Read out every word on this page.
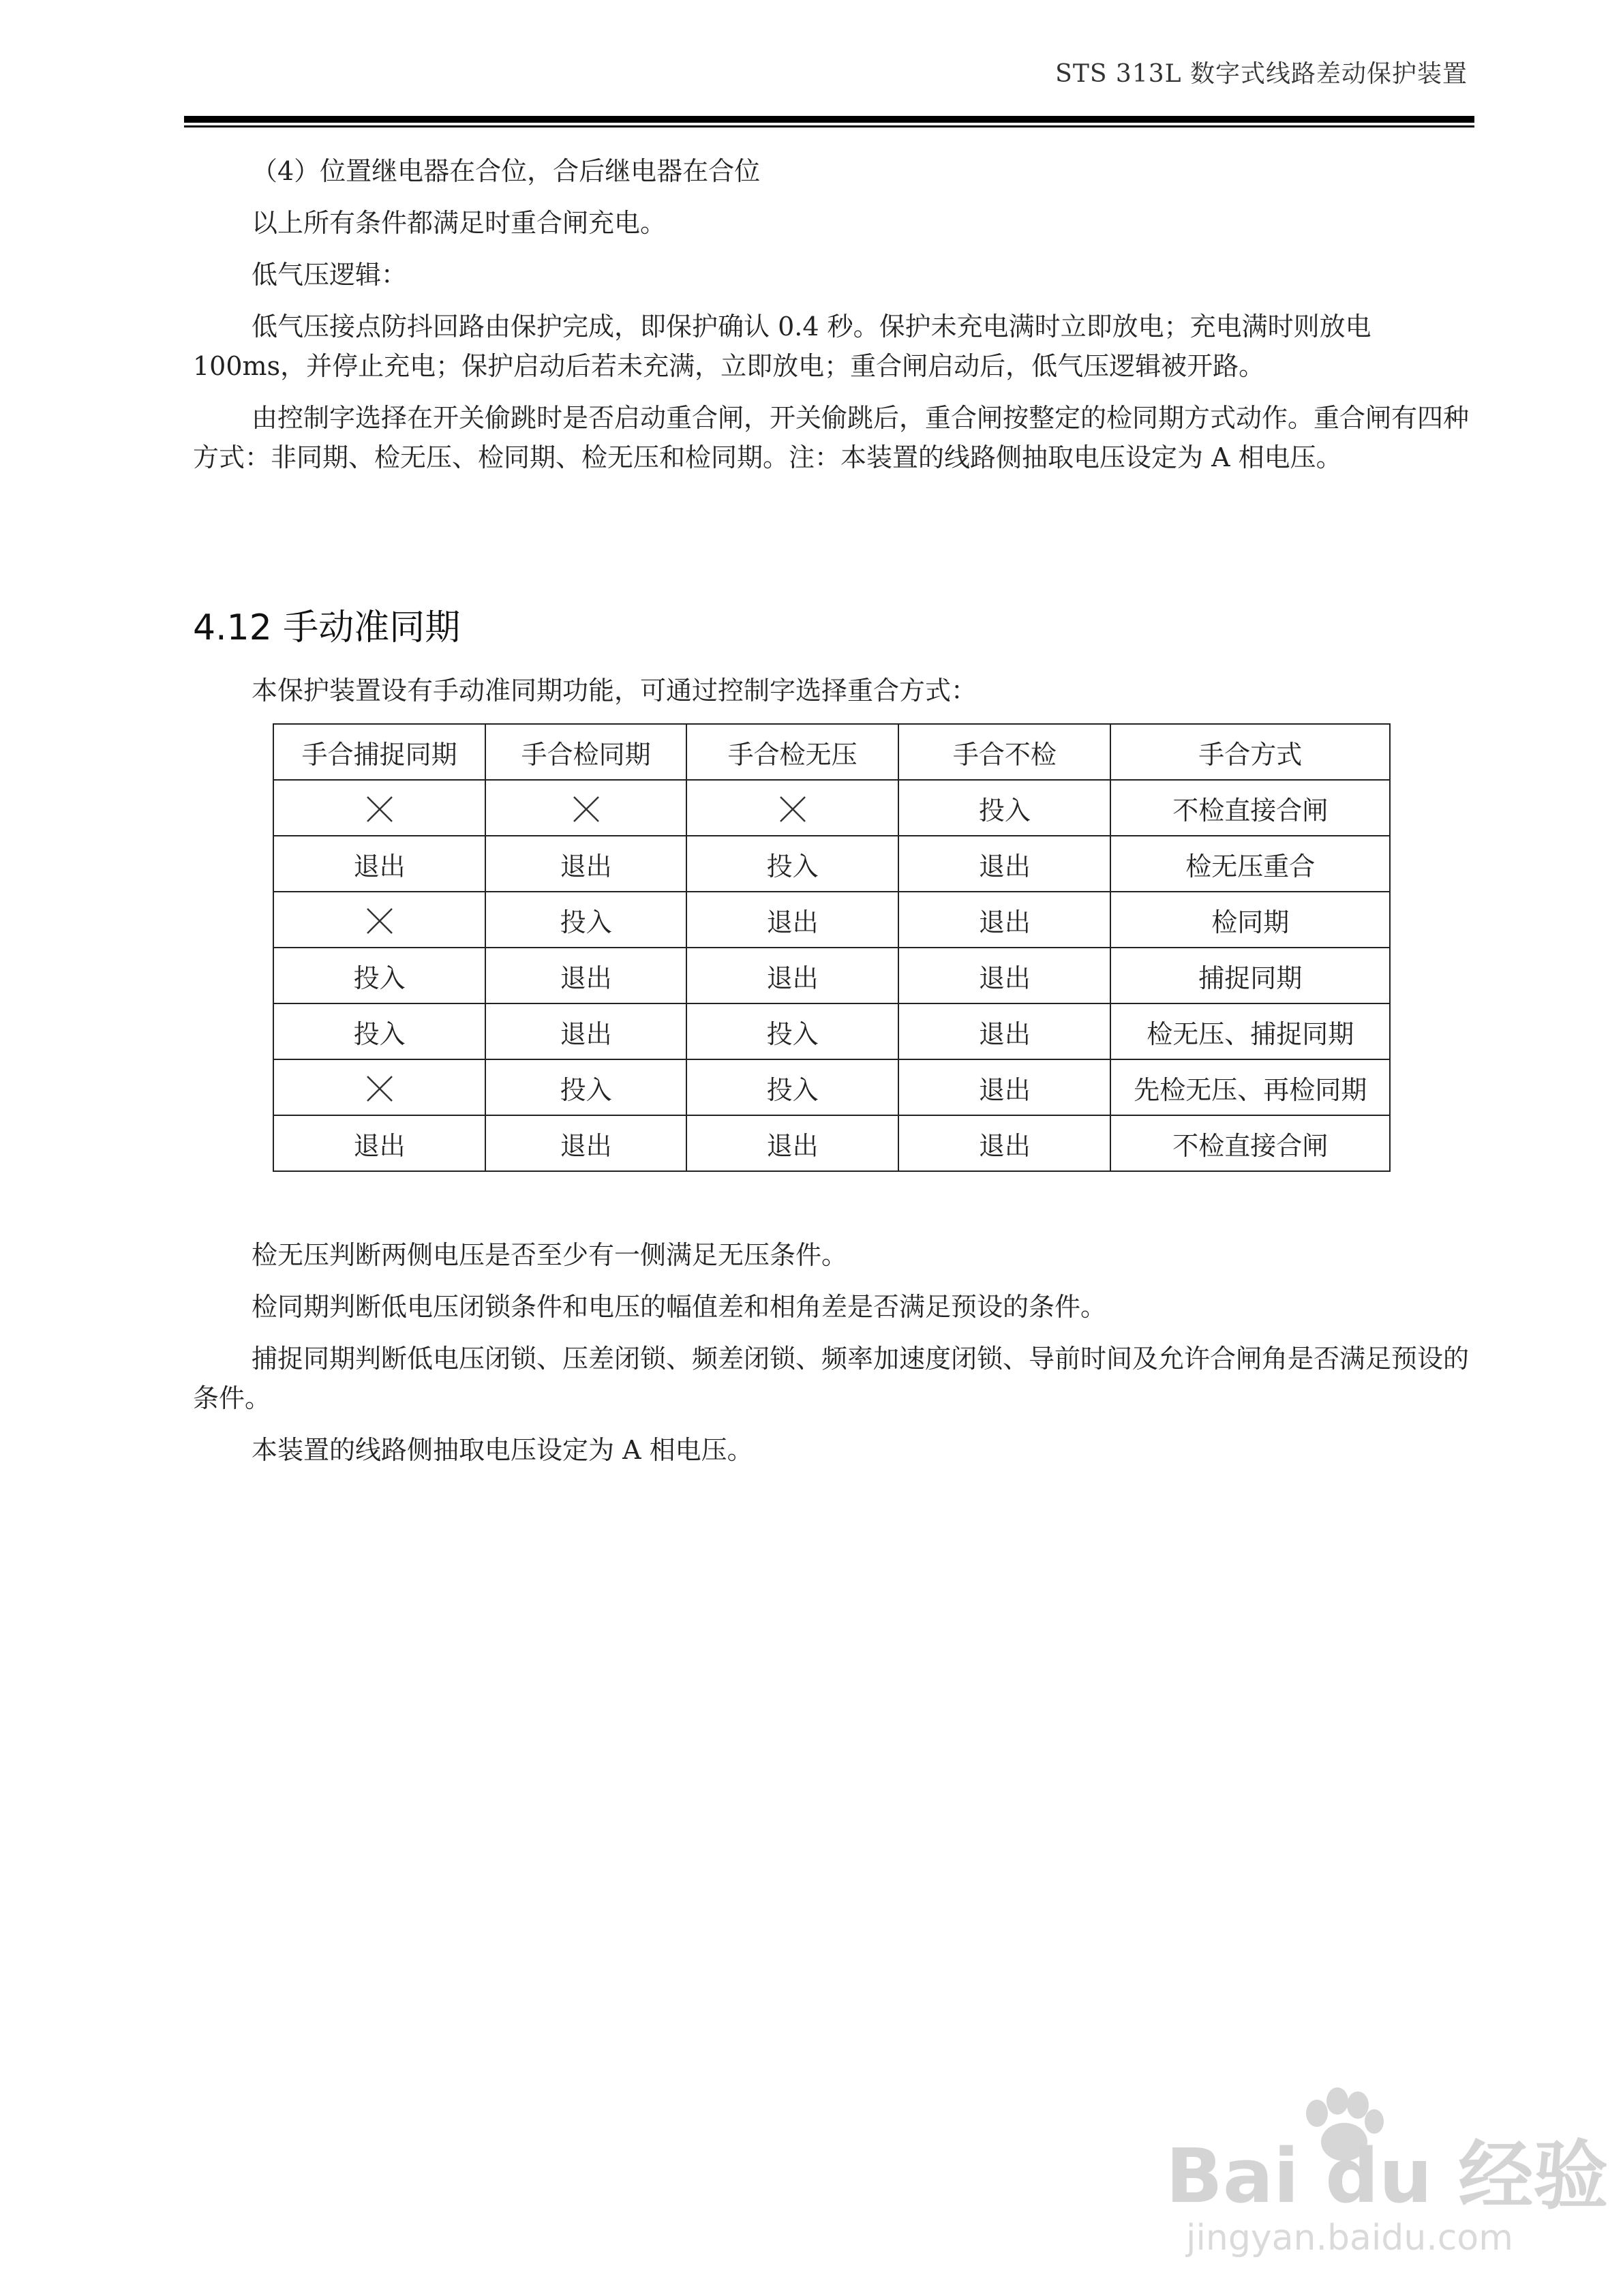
STS 313L 数字式线路差动保护装置

（4）位置继电器在合位，合后继电器在合位

以上所有条件都满足时重合闸充电。

低气压逻辑：

低气压接点防抖回路由保护完成，即保护确认 0.4 秒。保护未充电满时立即放电；充电满时则放电 100ms，并停止充电；保护启动后若未充满，立即放电；重合闸启动后，低气压逻辑被开路。

由控制字选择在开关偷跳时是否启动重合闸，开关偷跳后，重合闸按整定的检同期方式动作。重合闸有四种方式：非同期、检无压、检同期、检无压和检同期。注：本装置的线路侧抽取电压设定为 A 相电压。

4.12 手动准同期
本保护装置设有手动准同期功能，可通过控制字选择重合方式：
手合捕捉同期	手合检同期	手合检无压	手合不检	手合方式
			投入	不检直接合闸
退出	退出	投入	退出	检无压重合
	投入	退出	退出	检同期
投入	退出	退出	退出	捕捉同期
投入	退出	投入	退出	检无压、捕捉同期
	投入	投入	退出	先检无压、再检同期
退出	退出	退出	退出	不检直接合闸

检无压判断两侧电压是否至少有一侧满足无压条件。

检同期判断低电压闭锁条件和电压的幅值差和相角差是否满足预设的条件。

捕捉同期判断低电压闭锁、压差闭锁、频差闭锁、频率加速度闭锁、导前时间及允许合闸角是否满足预设的条件。

本装置的线路侧抽取电压设定为 A 相电压。

Bai du 经验
jingyan.baidu.com
